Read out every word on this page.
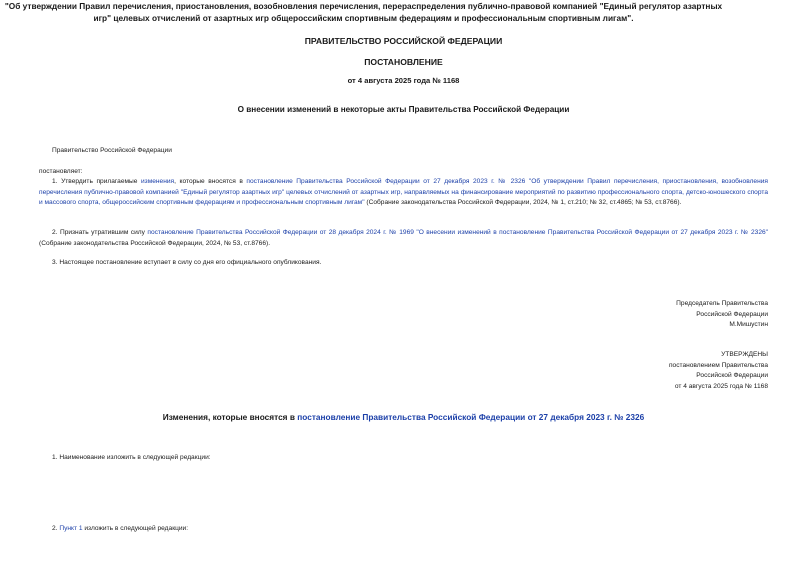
ПРАВИТЕЛЬСТВО РОССИЙСКОЙ ФЕДЕРАЦИИ
ПОСТАНОВЛЕНИЕ
от 4 августа 2025 года № 1168
О внесении изменений в некоторые акты Правительства Российской Федерации
Правительство Российской Федерации
постановляет:
1. Утвердить прилагаемые изменения, которые вносятся в постановление Правительства Российской Федерации от 27 декабря 2023 г. № 2326 "Об утверждении Правил перечисления, приостановления, возобновления перечисления публично-правовой компанией "Единый регулятор азартных игр" целевых отчислений от азартных игр, направляемых на финансирование мероприятий по развитию профессионального спорта, детско-юношеского спорта и массового спорта, общероссийским спортивным федерациям и профессиональным спортивным лигам" (Собрание законодательства Российской Федерации, 2024, № 1, ст.210; № 32, ст.4865; № 53, ст.8766).
2. Признать утратившим силу постановление Правительства Российской Федерации от 28 декабря 2024 г. № 1969 "О внесении изменений в постановление Правительства Российской Федерации от 27 декабря 2023 г. № 2326" (Собрание законодательства Российской Федерации, 2024, № 53, ст.8766).
3. Настоящее постановление вступает в силу со дня его официального опубликования.
Председатель Правительства
Российской Федерации
М.Мишустин
УТВЕРЖДЕНЫ
постановлением Правительства
Российской Федерации
от 4 августа 2025 года № 1168
Изменения, которые вносятся в постановление Правительства Российской Федерации от 27 декабря 2023 г. № 2326
1. Наименование изложить в следующей редакции:
"Об утверждении Правил перечисления, приостановления, возобновления перечисления, перераспределения публично-правовой компанией "Единый регулятор азартных игр" целевых отчислений от азартных игр общероссийским спортивным федерациям и профессиональным спортивным лигам".
2. Пункт 1 изложить в следующей редакции:
